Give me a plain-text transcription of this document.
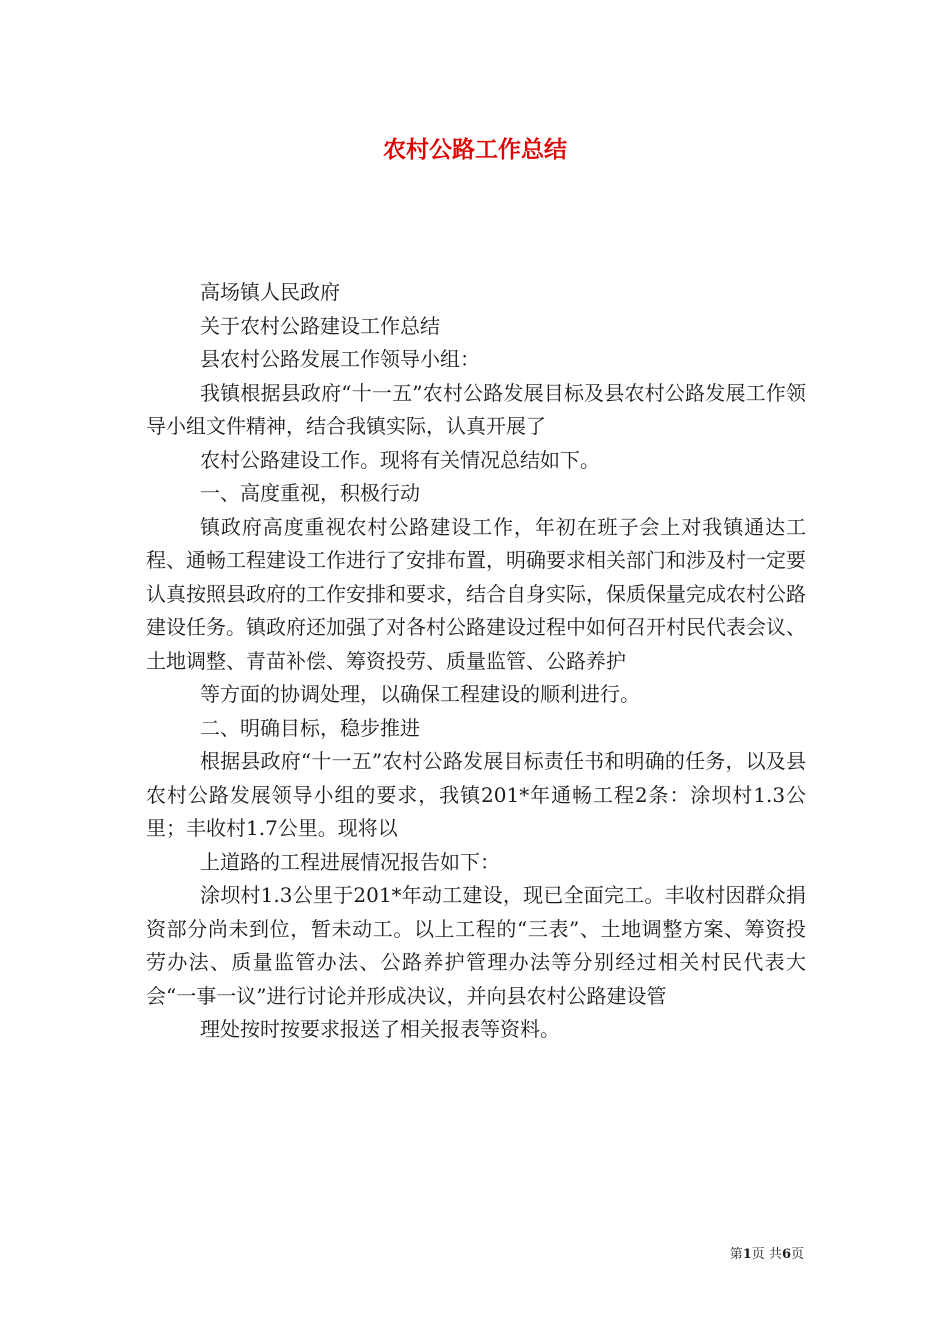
农村公路工作总结

高场镇人民政府

关于农村公路建设工作总结

县农村公路发展工作领导小组：

我镇根据县政府“十一五”农村公路发展目标及县农村公路发展工作领导小组文件精神，结合我镇实际，认真开展了

农村公路建设工作。现将有关情况总结如下。

一、高度重视，积极行动

镇政府高度重视农村公路建设工作，年初在班子会上对我镇通达工程、通畅工程建设工作进行了安排布置，明确要求相关部门和涉及村一定要认真按照县政府的工作安排和要求，结合自身实际，保质保量完成农村公路建设任务。镇政府还加强了对各村公路建设过程中如何召开村民代表会议、土地调整、青苗补偿、筹资投劳、质量监管、公路养护

等方面的协调处理，以确保工程建设的顺利进行。

二、明确目标，稳步推进

根据县政府“十一五”农村公路发展目标责任书和明确的任务，以及县农村公路发展领导小组的要求，我镇201*年通畅工程2条：涂坝村1.3公里；丰收村1.7公里。现将以

上道路的工程进展情况报告如下：

涂坝村1.3公里于201*年动工建设，现已全面完工。丰收村因群众捐资部分尚未到位，暂未动工。以上工程的“三表”、土地调整方案、筹资投劳办法、质量监管办法、公路养护管理办法等分别经过相关村民代表大会“一事一议”进行讨论并形成决议，并向县农村公路建设管

理处按时按要求报送了相关报表等资料。

第1页 共6页
